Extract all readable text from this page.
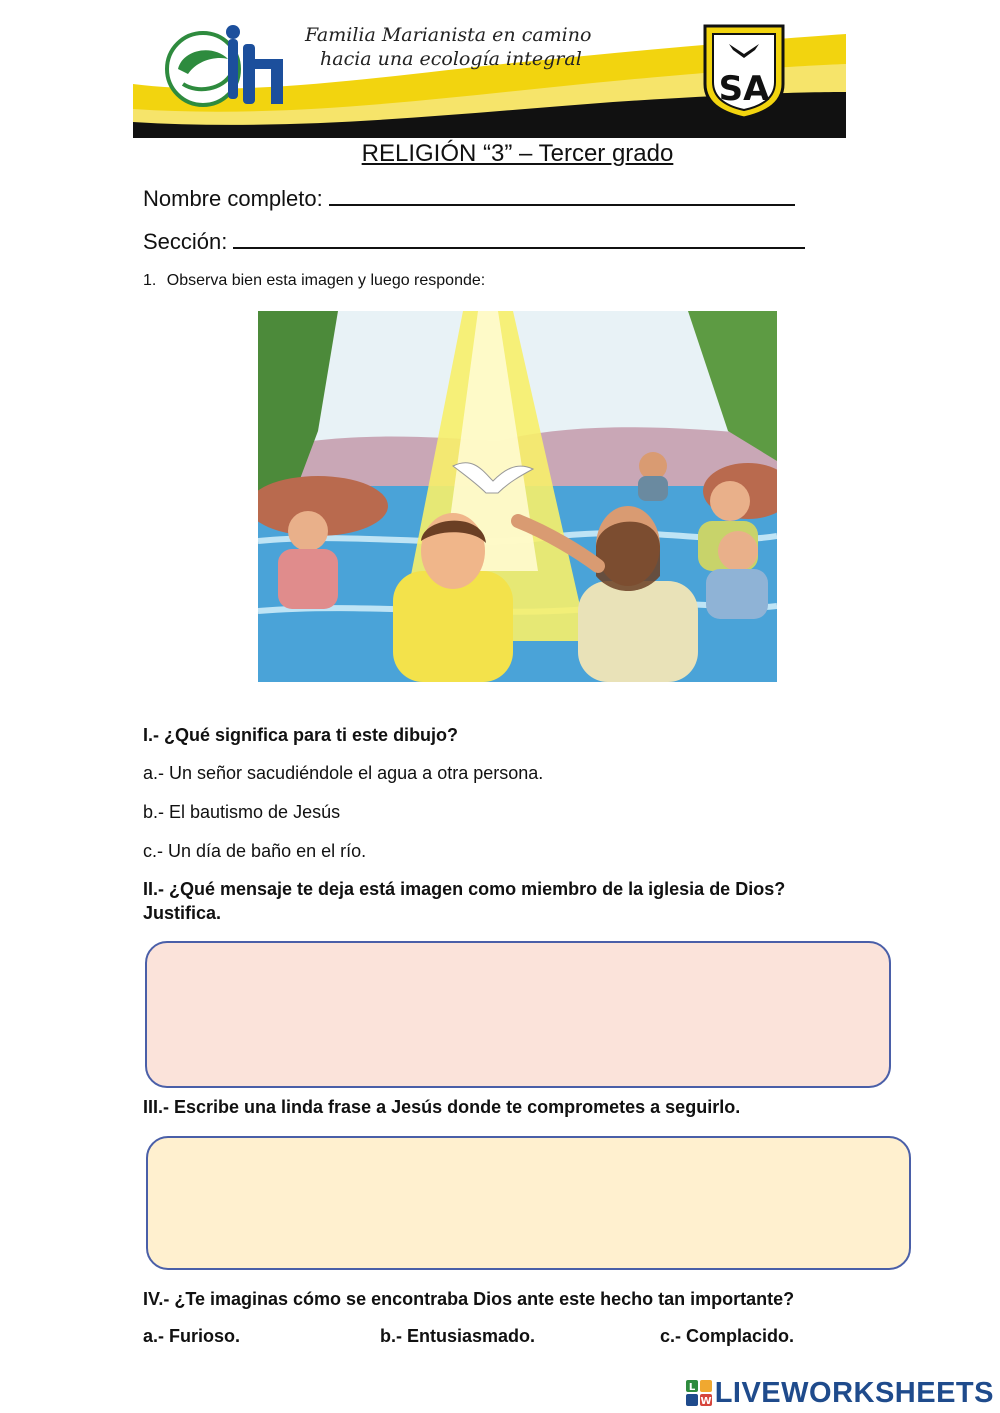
SA
Familia Marianista en camino
hacia una ecología integral
RELIGIÓN “3” – Tercer grado
Nombre completo:
Sección:
1. Observa bien esta imagen y luego responde:
I.- ¿Qué significa para ti este dibujo?
a.- Un señor sacudiéndole el agua a otra persona.
b.- El bautismo de Jesús
c.- Un día de baño en el río.
II.- ¿Qué mensaje te deja está imagen como miembro de la iglesia de Dios?
Justifica.
III.- Escribe una linda frase a Jesús donde te comprometes a seguirlo.
IV.- ¿Te imaginas cómo se encontraba Dios ante este hecho tan importante?
a.- Furioso.	b.- Entusiasmado.	c.- Complacido.
L
W LIVEWORKSHEETS
